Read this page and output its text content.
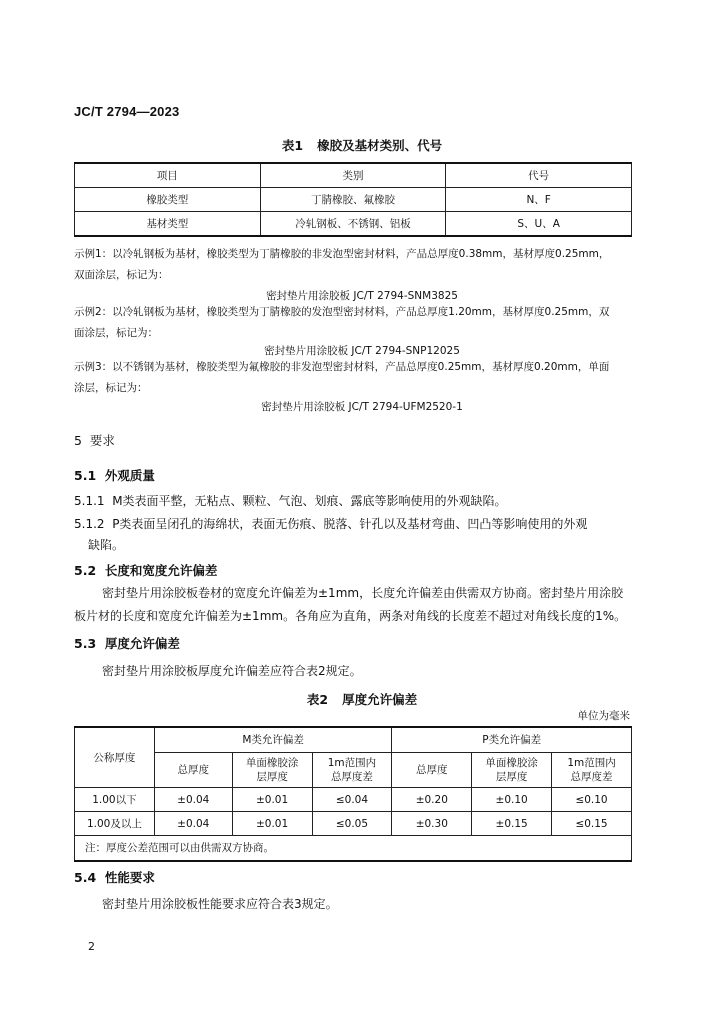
JC/T 2794—2023
表1 橡胶及基材类别、代号
项目	类别	代号
橡胶类型	丁腈橡胶、氟橡胶	N、F
基材类型	冷轧钢板、不锈钢、铝板	S、U、A
示例1：以冷轧钢板为基材，橡胶类型为丁腈橡胶的非发泡型密封材料，产品总厚度0.38mm，基材厚度0.25mm，
双面涂层，标记为：
密封垫片用涂胶板 JC/T 2794-SNM3825
示例2：以冷轧钢板为基材，橡胶类型为丁腈橡胶的发泡型密封材料，产品总厚度1.20mm，基材厚度0.25mm，双
面涂层，标记为：
密封垫片用涂胶板 JC/T 2794-SNP12025
示例3：以不锈钢为基材，橡胶类型为氟橡胶的非发泡型密封材料，产品总厚度0.25mm，基材厚度0.20mm，单面
涂层，标记为：
密封垫片用涂胶板 JC/T 2794-UFM2520-1
5 要求
5.1 外观质量
5.1.1 M类表面平整，无粘点、颗粒、气泡、划痕、露底等影响使用的外观缺陷。
5.1.2 P类表面呈闭孔的海绵状，表面无伤痕、脱落、针孔以及基材弯曲、凹凸等影响使用的外观
缺陷。
5.2 长度和宽度允许偏差
密封垫片用涂胶板卷材的宽度允许偏差为±1mm，长度允许偏差由供需双方协商。密封垫片用涂胶板片材的长度和宽度允许偏差为±1mm。各角应为直角，两条对角线的长度差不超过对角线长度的1%。
5.3 厚度允许偏差
密封垫片用涂胶板厚度允许偏差应符合表2规定。
表2 厚度允许偏差
单位为毫米
公称厚度	M类允许偏差			P类允许偏差		
	总厚度	单面橡胶涂层厚度	1m范围内总厚度差	总厚度	单面橡胶涂层厚度	1m范围内总厚度差
1.00以下	±0.04	±0.01	≤0.04	±0.20	±0.10	≤0.10
1.00及以上	±0.04	±0.01	≤0.05	±0.30	±0.15	≤0.15
注：厚度公差范围可以由供需双方协商。						
5.4 性能要求
密封垫片用涂胶板性能要求应符合表3规定。
2
